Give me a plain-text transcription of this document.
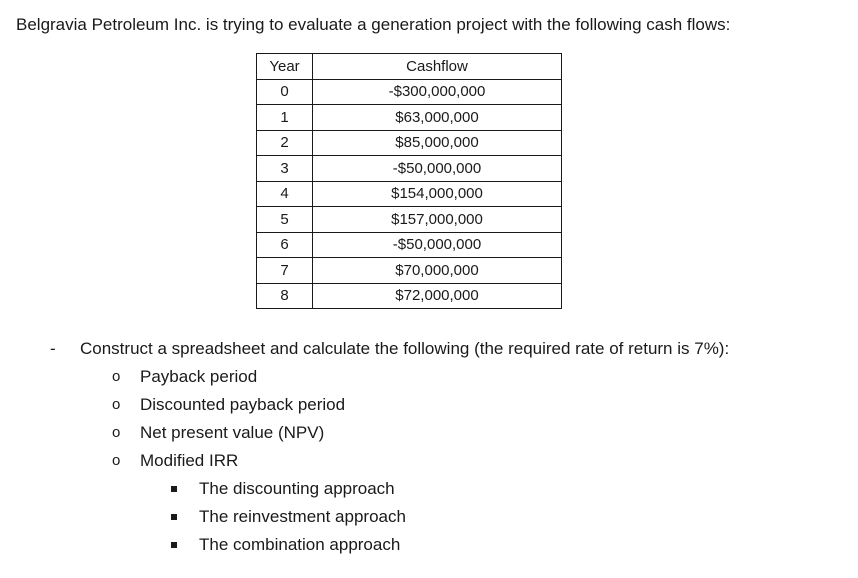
Belgravia Petroleum Inc. is trying to evaluate a generation project with the following cash flows:
Year	Cashflow
0	-$300,000,000
1	$63,000,000
2	$85,000,000
3	-$50,000,000
4	$154,000,000
5	$157,000,000
6	-$50,000,000
7	$70,000,000
8	$72,000,000
- Construct a spreadsheet and calculate the following (the required rate of return is 7%):
o Payback period
o Discounted payback period
o Net present value (NPV)
o Modified IRR
The discounting approach
The reinvestment approach
The combination approach
